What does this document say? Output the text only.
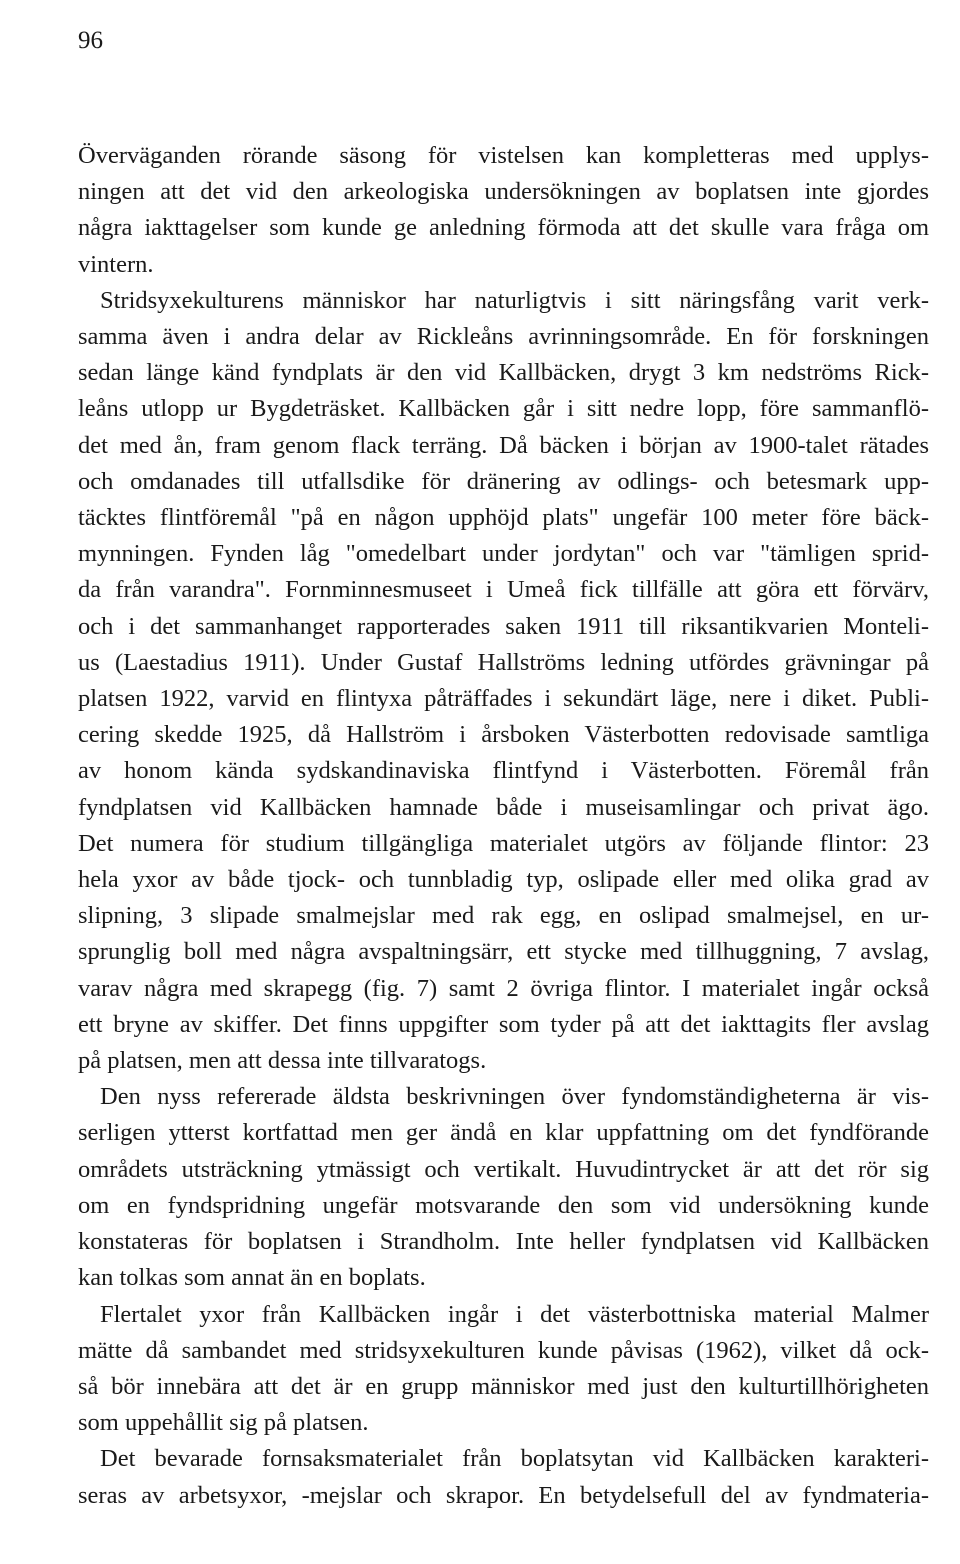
96

Överväganden rörande säsong för vistelsen kan kompletteras med upplys-
ningen att det vid den arkeologiska undersökningen av boplatsen inte gjordes
några iakttagelser som kunde ge anledning förmoda att det skulle vara fråga om
vintern.

Stridsyxekulturens människor har naturligtvis i sitt näringsfång varit verk-
samma även i andra delar av Rickleåns avrinningsområde. En för forskningen
sedan länge känd fyndplats är den vid Kallbäcken, drygt 3 km nedströms Rick-
leåns utlopp ur Bygdeträsket. Kallbäcken går i sitt nedre lopp, före sammanflö-
det med ån, fram genom flack terräng. Då bäcken i början av 1900-talet rätades
och omdanades till utfallsdike för dränering av odlings- och betesmark upp-
täcktes flintföremål "på en någon upphöjd plats" ungefär 100 meter före bäck-
mynningen. Fynden låg "omedelbart under jordytan" och var "tämligen sprid-
da från varandra". Fornminnesmuseet i Umeå fick tillfälle att göra ett förvärv,
och i det sammanhanget rapporterades saken 1911 till riksantikvarien Monteli-
us (Laestadius 1911). Under Gustaf Hallströms ledning utfördes grävningar på
platsen 1922, varvid en flintyxa påträffades i sekundärt läge, nere i diket. Publi-
cering skedde 1925, då Hallström i årsboken Västerbotten redovisade samtliga
av honom kända sydskandinaviska flintfynd i Västerbotten. Föremål från
fyndplatsen vid Kallbäcken hamnade både i museisamlingar och privat ägo.
Det numera för studium tillgängliga materialet utgörs av följande flintor: 23
hela yxor av både tjock- och tunnbladig typ, oslipade eller med olika grad av
slipning, 3 slipade smalmejslar med rak egg, en oslipad smalmejsel, en ur-
sprunglig boll med några avspaltningsärr, ett stycke med tillhuggning, 7 avslag,
varav några med skrapegg (fig. 7) samt 2 övriga flintor. I materialet ingår också
ett bryne av skiffer. Det finns uppgifter som tyder på att det iakttagits fler avslag
på platsen, men att dessa inte tillvaratogs.

Den nyss refererade äldsta beskrivningen över fyndomständigheterna är vis-
serligen ytterst kortfattad men ger ändå en klar uppfattning om det fyndförande
områdets utsträckning ytmässigt och vertikalt. Huvudintrycket är att det rör sig
om en fyndspridning ungefär motsvarande den som vid undersökning kunde
konstateras för boplatsen i Strandholm. Inte heller fyndplatsen vid Kallbäcken
kan tolkas som annat än en boplats.

Flertalet yxor från Kallbäcken ingår i det västerbottniska material Malmer
mätte då sambandet med stridsyxekulturen kunde påvisas (1962), vilket då ock-
så bör innebära att det är en grupp människor med just den kulturtillhörigheten
som uppehållit sig på platsen.

Det bevarade fornsaksmaterialet från boplatsytan vid Kallbäcken karakteri-
seras av arbetsyxor, -mejslar och skrapor. En betydelsefull del av fyndmateria-
